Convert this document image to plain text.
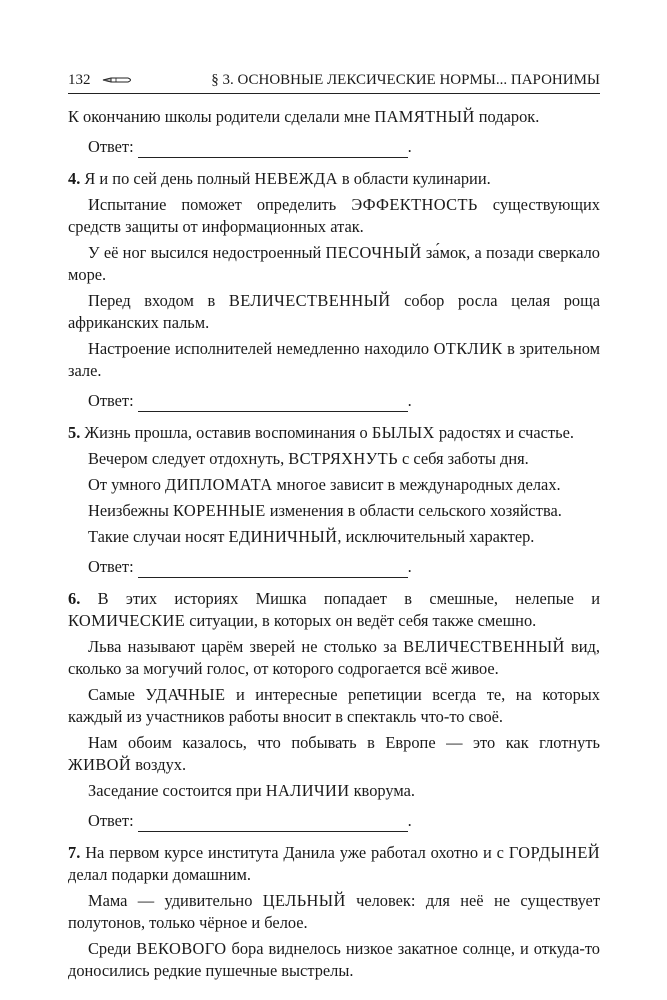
132	§ 3. ОСНОВНЫЕ ЛЕКСИЧЕСКИЕ НОРМЫ... ПАРОНИМЫ

К окончанию школы родители сделали мне ПАМЯТНЫЙ подарок.

Ответ:	.

4. Я и по сей день полный НЕВЕЖДА в области кулинарии.

Испытание поможет определить ЭФФЕКТНОСТЬ существующих средств защиты от информационных атак.

У её ног высился недостроенный ПЕСОЧНЫЙ за́мок, а позади сверкало море.

Перед входом в ВЕЛИЧЕСТВЕННЫЙ собор росла целая роща африканских пальм.

Настроение исполнителей немедленно находило ОТКЛИК в зрительном зале.

Ответ:	.

5. Жизнь прошла, оставив воспоминания о БЫЛЫХ радостях и счастье.

Вечером следует отдохнуть, ВСТРЯХНУТЬ с себя заботы дня.

От умного ДИПЛОМАТА многое зависит в международных делах.

Неизбежны КОРЕННЫЕ изменения в области сельского хозяйства.

Такие случаи носят ЕДИНИЧНЫЙ, исключительный характер.

Ответ:	.

6. В этих историях Мишка попадает в смешные, нелепые и КОМИЧЕСКИЕ ситуации, в которых он ведёт себя также смешно.

Льва называют царём зверей не столько за ВЕЛИЧЕСТВЕННЫЙ вид, сколько за могучий голос, от которого содрогается всё живое.

Самые УДАЧНЫЕ и интересные репетиции всегда те, на которых каждый из участников работы вносит в спектакль что-то своё.

Нам обоим казалось, что побывать в Европе — это как глотнуть ЖИВОЙ воздух.

Заседание состоится при НАЛИЧИИ кворума.

Ответ:	.

7. На первом курсе института Данила уже работал охотно и с ГОРДЫНЕЙ делал подарки домашним.

Мама — удивительно ЦЕЛЬНЫЙ человек: для неё не существует полутонов, только чёрное и белое.

Среди ВЕКОВОГО бора виднелось низкое закатное солнце, и откуда-то доносились редкие пушечные выстрелы.
